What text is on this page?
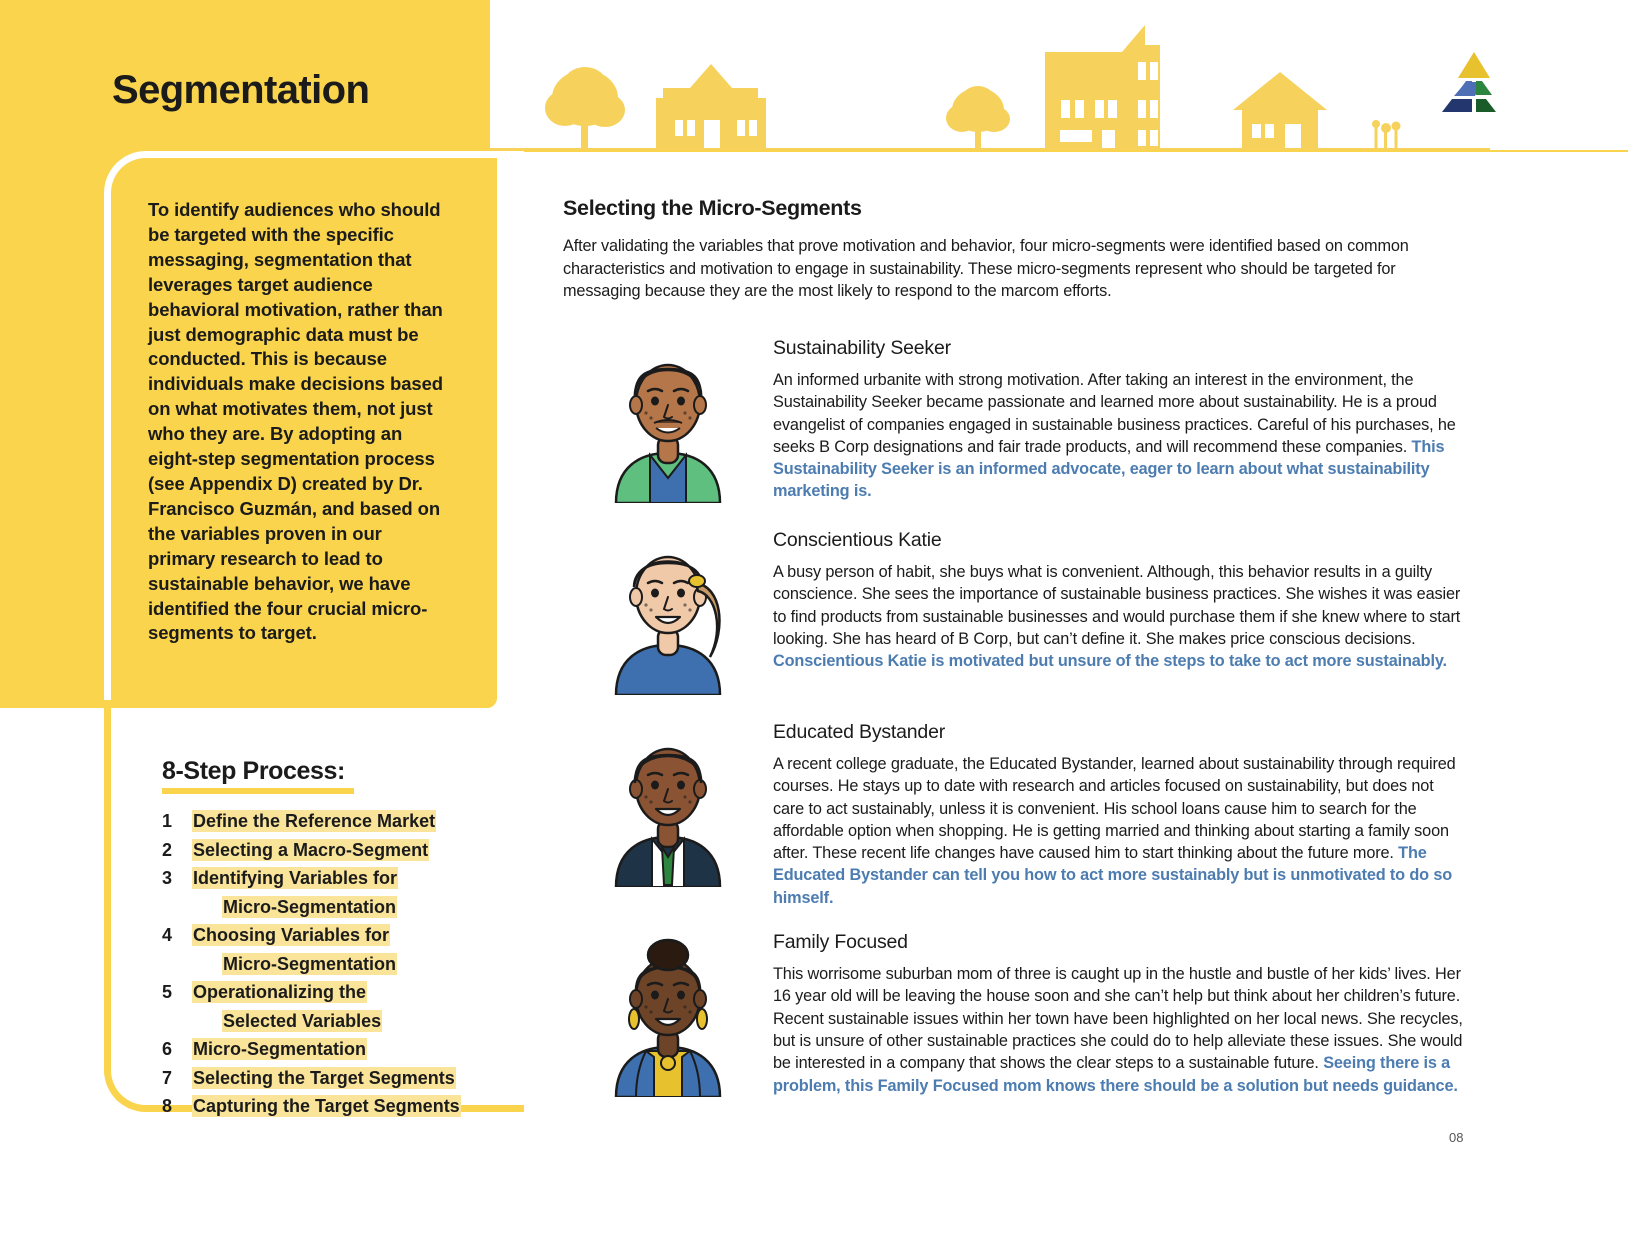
Segmentation
To identify audiences who should be targeted with the specific messaging, segmentation that leverages target audience behavioral motivation, rather than just demographic data must be conducted. This is because individuals make decisions based on what motivates them, not just who they are. By adopting an eight-step segmentation process (see Appendix D) created by Dr. Francisco Guzmán, and based on the variables proven in our primary research to lead to sustainable behavior, we have identified the four crucial micro-segments to target.
8-Step Process:
1	Define the Reference Market
2	Selecting a Macro-Segment
3	Identifying Variables for
Micro-Segmentation
4	Choosing Variables for
Micro-Segmentation
5	Operationalizing the
Selected Variables
6	Micro-Segmentation
7	Selecting the Target Segments
8	Capturing the Target Segments
Selecting the Micro-Segments
After validating the variables that prove motivation and behavior, four micro-segments were identified based on common characteristics and motivation to engage in sustainability. These micro-segments represent who should be targeted for messaging because they are the most likely to respond to the marcom efforts.
Sustainability Seeker
An informed urbanite with strong motivation. After taking an interest in the environment, the Sustainability Seeker became passionate and learned more about sustainability. He is a proud evangelist of companies engaged in sustainable business practices. Careful of his purchases, he seeks B Corp designations and fair trade products, and will recommend these companies. This Sustainability Seeker is an informed advocate, eager to learn about what sustainability marketing is.
Conscientious Katie
A busy person of habit, she buys what is convenient. Although, this behavior results in a guilty conscience. She sees the importance of sustainable business practices. She wishes it was easier to find products from sustainable businesses and would purchase them if she knew where to start looking. She has heard of B Corp, but can’t define it. She makes price conscious decisions. Conscientious Katie is motivated but unsure of the steps to take to act more sustainably.
Educated Bystander
A recent college graduate, the Educated Bystander, learned about sustainability through required courses. He stays up to date with research and articles focused on sustainability, but does not care to act sustainably, unless it is convenient. His school loans cause him to search for the affordable option when shopping. He is getting married and thinking about starting a family soon after. These recent life changes have caused him to start thinking about the future more. The Educated Bystander can tell you how to act more sustainably but is unmotivated to do so himself.
Family Focused
This worrisome suburban mom of three is caught up in the hustle and bustle of her kids’ lives. Her 16 year old will be leaving the house soon and she can’t help but think about her children’s future. Recent sustainable issues within her town have been highlighted on her local news. She recycles, but is unsure of other sustainable practices she could do to help alleviate these issues. She would be interested in a company that shows the clear steps to a sustainable future. Seeing there is a problem, this Family Focused mom knows there should be a solution but needs guidance.
08
